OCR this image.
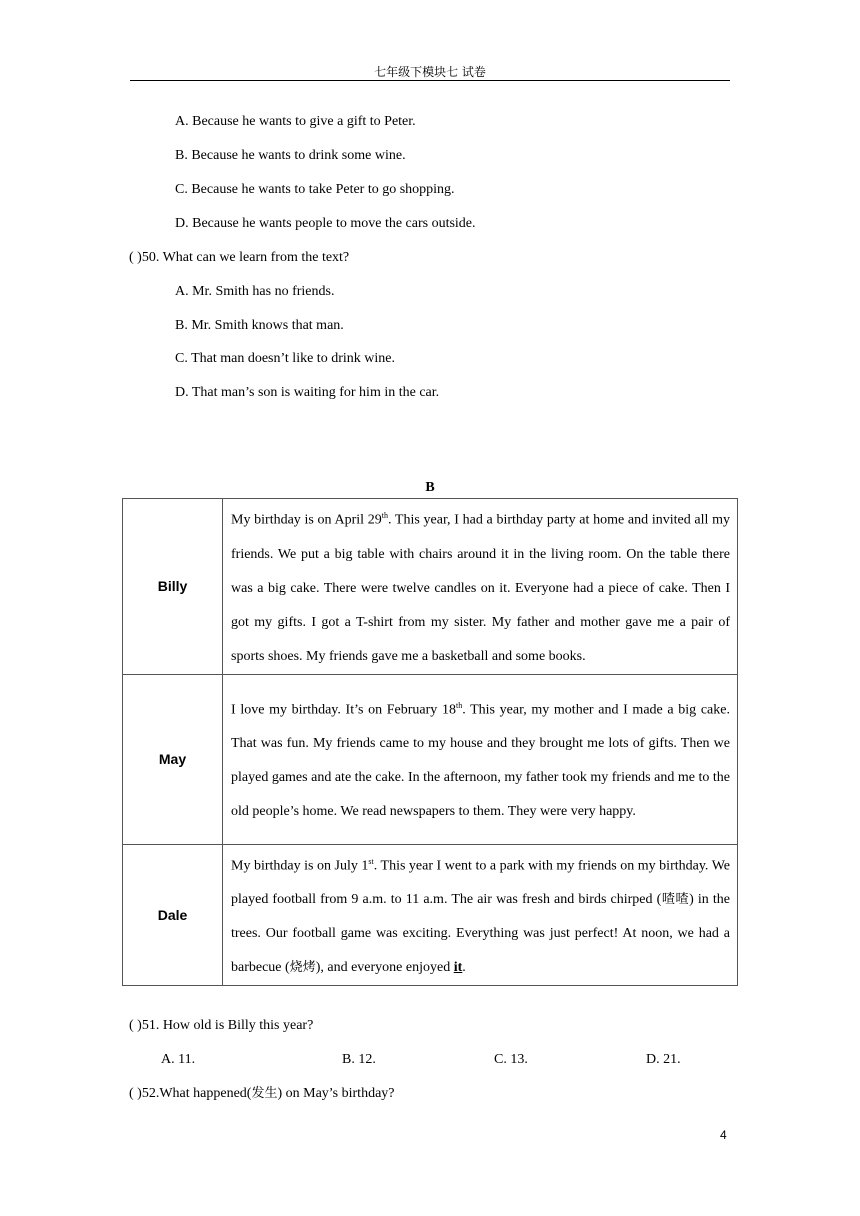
七年级下模块七 试卷
A. Because he wants to give a gift to Peter.
B. Because he wants to drink some wine.
C. Because he wants to take Peter to go shopping.
D. Because he wants people to move the cars outside.
( )50. What can we learn from the text?
A. Mr. Smith has no friends.
B. Mr. Smith knows that man.
C. That man doesn’t like to drink wine.
D. That man’s son is waiting for him in the car.
B
Billy	My birthday is on April 29th. This year, I had a birthday party at home and invited all my friends. We put a big table with chairs around it in the living room. On the table there was a big cake. There were twelve candles on it. Everyone had a piece of cake. Then I got my gifts. I got a T-shirt from my sister. My father and mother gave me a pair of sports shoes. My friends gave me a basketball and some books.
May	I love my birthday. It’s on February 18th. This year, my mother and I made a big cake. That was fun. My friends came to my house and they brought me lots of gifts. Then we played games and ate the cake. In the afternoon, my father took my friends and me to the old people’s home. We read newspapers to them. They were very happy.
Dale	My birthday is on July 1st. This year I went to a park with my friends on my birthday. We played football from 9 a.m. to 11 a.m. The air was fresh and birds chirped (喳喳) in the trees. Our football game was exciting. Everything was just perfect! At noon, we had a barbecue (烧烤), and everyone enjoyed it.
( )51. How old is Billy this year?
A. 11.	B. 12.	C. 13.	D. 21.
( )52.What happened(发生) on May’s birthday?
4
